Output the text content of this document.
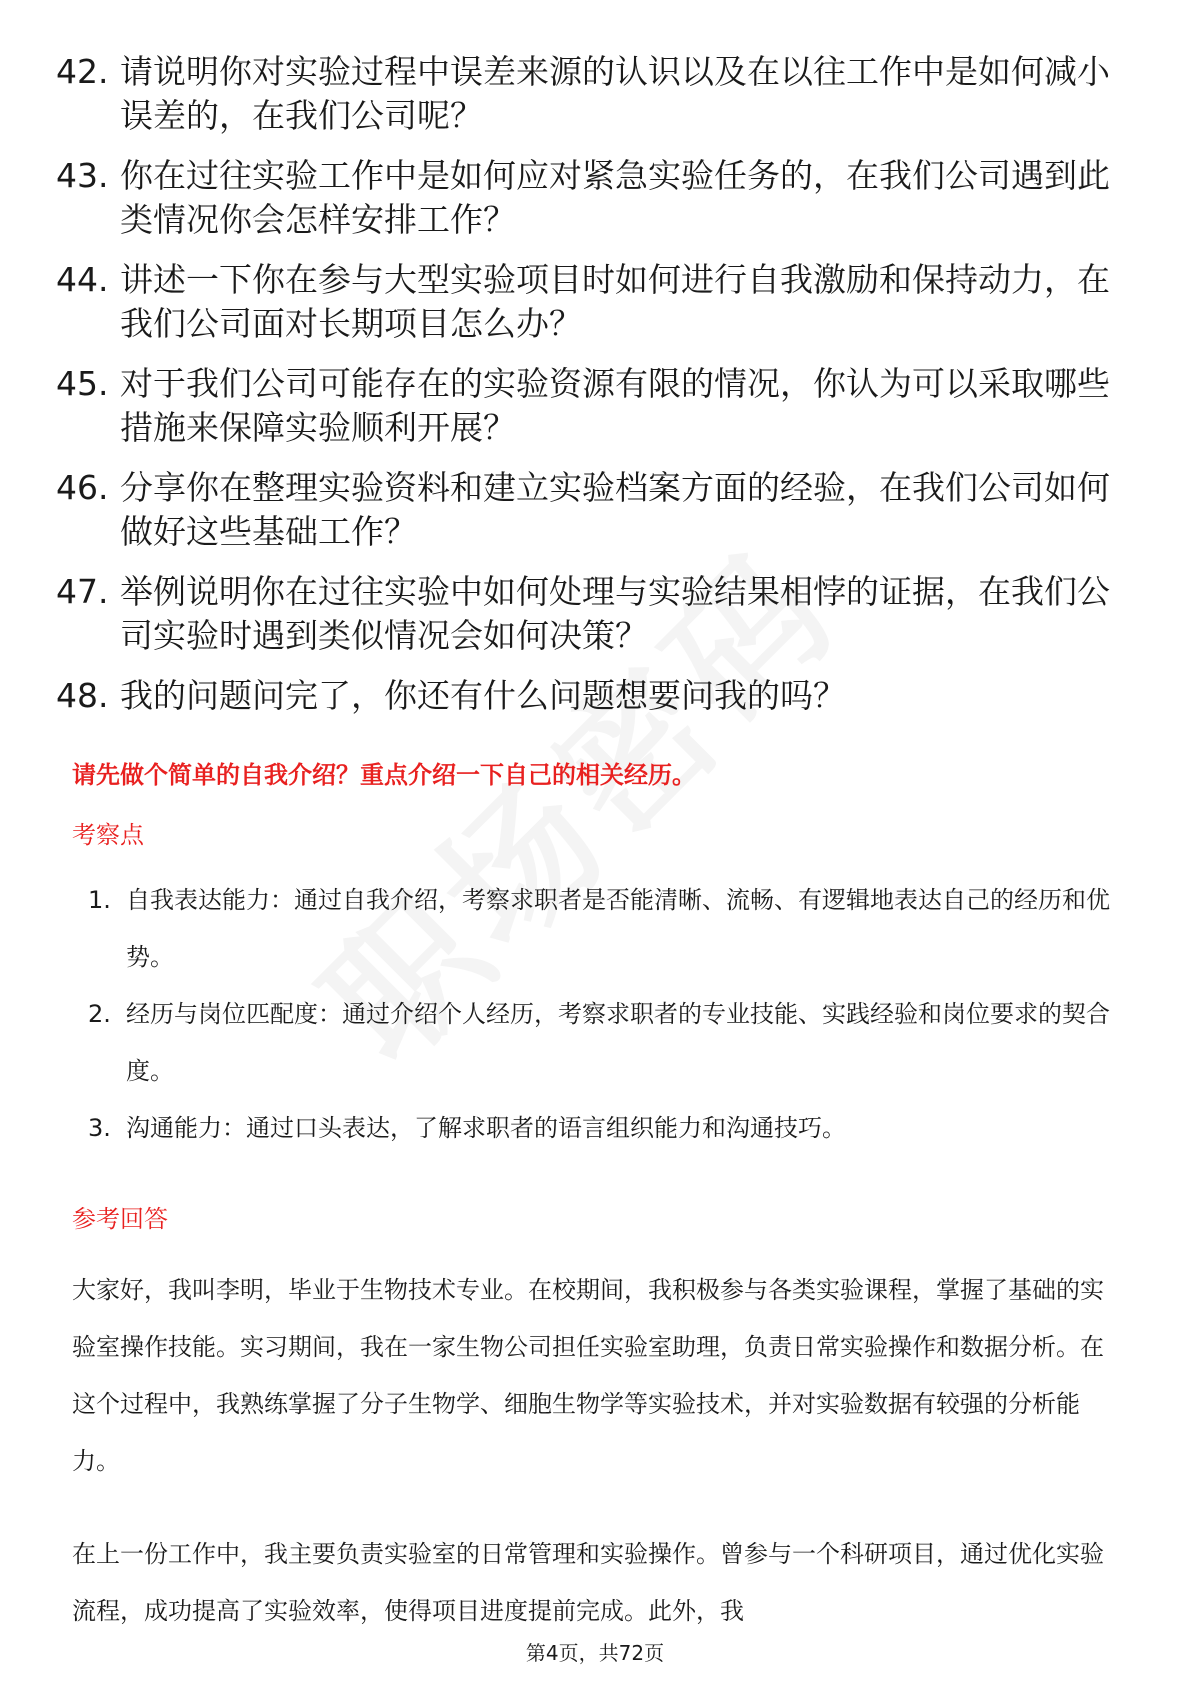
42. 请说明你对实验过程中误差来源的认识以及在以往工作中是如何减小误差的，在我们公司呢？
43. 你在过往实验工作中是如何应对紧急实验任务的，在我们公司遇到此类情况你会怎样安排工作？
44. 讲述一下你在参与大型实验项目时如何进行自我激励和保持动力，在我们公司面对长期项目怎么办？
45. 对于我们公司可能存在的实验资源有限的情况，你认为可以采取哪些措施来保障实验顺利开展？
46. 分享你在整理实验资料和建立实验档案方面的经验，在我们公司如何做好这些基础工作？
47. 举例说明你在过往实验中如何处理与实验结果相悖的证据，在我们公司实验时遇到类似情况会如何决策？
48. 我的问题问完了，你还有什么问题想要问我的吗？
请先做个简单的自我介绍？重点介绍一下自己的相关经历。
考察点
1. 自我表达能力：通过自我介绍，考察求职者是否能清晰、流畅、有逻辑地表达自己的经历和优势。
2. 经历与岗位匹配度：通过介绍个人经历，考察求职者的专业技能、实践经验和岗位要求的契合度。
3. 沟通能力：通过口头表达，了解求职者的语言组织能力和沟通技巧。
参考回答

大家好，我叫李明，毕业于生物技术专业。在校期间，我积极参与各类实验课程，掌握了基础的实验室操作技能。实习期间，我在一家生物公司担任实验室助理，负责日常实验操作和数据分析。在这个过程中，我熟练掌握了分子生物学、细胞生物学等实验技术，并对实验数据有较强的分析能力。

在上一份工作中，我主要负责实验室的日常管理和实验操作。曾参与一个科研项目，通过优化实验流程，成功提高了实验效率，使得项目进度提前完成。此外，我

第4页，共72页
